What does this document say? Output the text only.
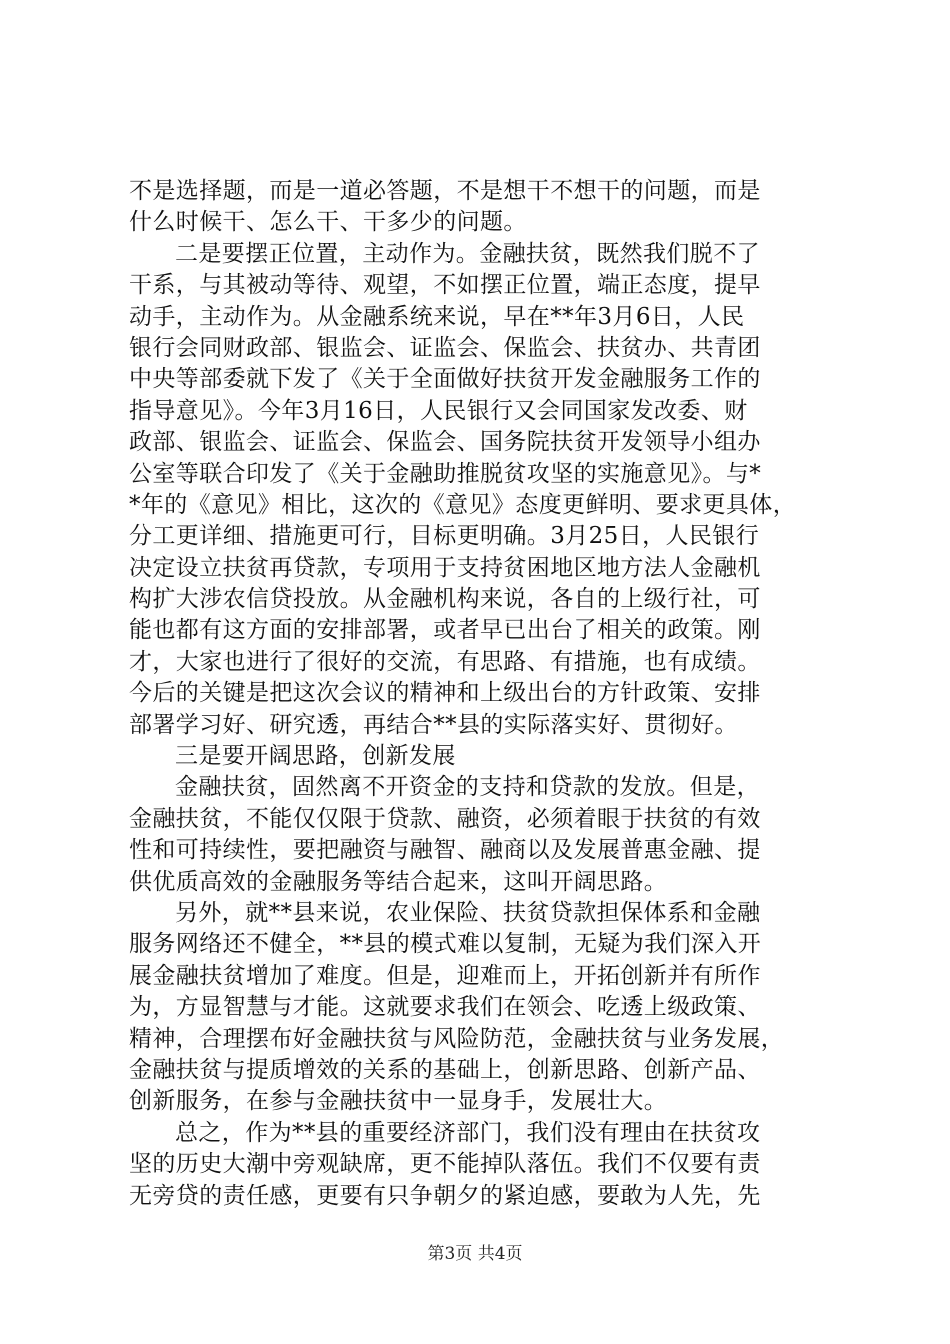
不是选择题，而是一道必答题，不是想干不想干的问题，而是
什么时候干、怎么干、干多少的问题。
二是要摆正位置，主动作为。金融扶贫，既然我们脱不了
干系，与其被动等待、观望，不如摆正位置，端正态度，提早
动手，主动作为。从金融系统来说，早在**年3月6日，人民
银行会同财政部、银监会、证监会、保监会、扶贫办、共青团
中央等部委就下发了《关于全面做好扶贫开发金融服务工作的
指导意见》。今年3月16日，人民银行又会同国家发改委、财
政部、银监会、证监会、保监会、国务院扶贫开发领导小组办
公室等联合印发了《关于金融助推脱贫攻坚的实施意见》。与*
*年的《意见》相比，这次的《意见》态度更鲜明、要求更具体，
分工更详细、措施更可行，目标更明确。3月25日，人民银行
决定设立扶贫再贷款，专项用于支持贫困地区地方法人金融机
构扩大涉农信贷投放。从金融机构来说，各自的上级行社，可
能也都有这方面的安排部署，或者早已出台了相关的政策。刚
才，大家也进行了很好的交流，有思路、有措施，也有成绩。
今后的关键是把这次会议的精神和上级出台的方针政策、安排
部署学习好、研究透，再结合**县的实际落实好、贯彻好。
三是要开阔思路，创新发展
金融扶贫，固然离不开资金的支持和贷款的发放。但是，
金融扶贫，不能仅仅限于贷款、融资，必须着眼于扶贫的有效
性和可持续性，要把融资与融智、融商以及发展普惠金融、提
供优质高效的金融服务等结合起来，这叫开阔思路。
另外，就**县来说，农业保险、扶贫贷款担保体系和金融
服务网络还不健全，**县的模式难以复制，无疑为我们深入开
展金融扶贫增加了难度。但是，迎难而上，开拓创新并有所作
为，方显智慧与才能。这就要求我们在领会、吃透上级政策、
精神，合理摆布好金融扶贫与风险防范，金融扶贫与业务发展，
金融扶贫与提质增效的关系的基础上，创新思路、创新产品、
创新服务，在参与金融扶贫中一显身手，发展壮大。
总之，作为**县的重要经济部门，我们没有理由在扶贫攻
坚的历史大潮中旁观缺席，更不能掉队落伍。我们不仅要有责
无旁贷的责任感，更要有只争朝夕的紧迫感，要敢为人先，先
第3页 共4页
